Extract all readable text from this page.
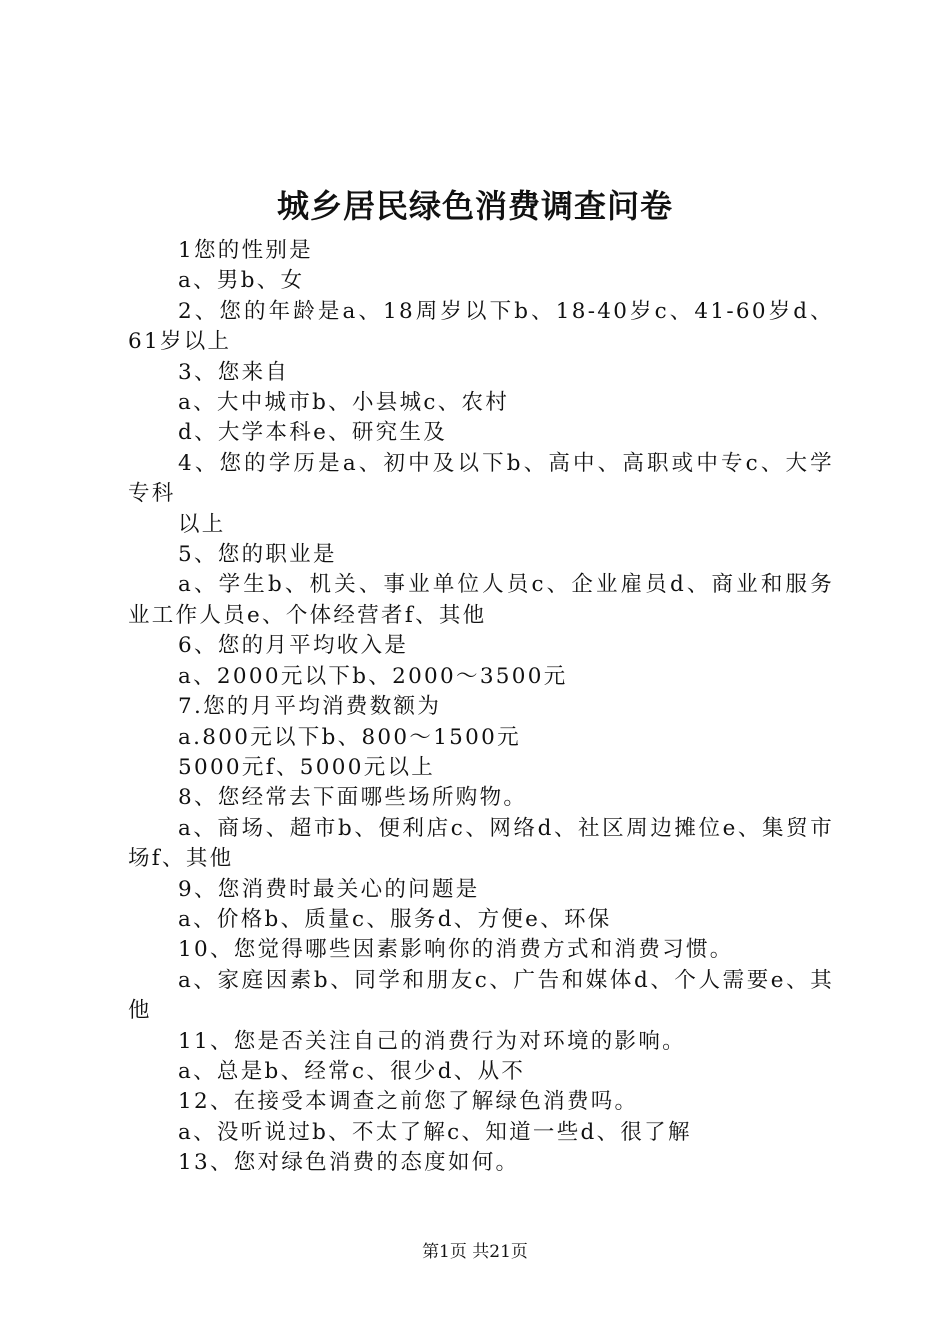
城乡居民绿色消费调查问卷

1您的性别是

a、男b、女

2、您的年龄是a、18周岁以下b、18-40岁c、41-60岁d、61岁以上

3、您来自

a、大中城市b、小县城c、农村

d、大学本科e、研究生及

4、您的学历是a、初中及以下b、高中、高职或中专c、大学专科

以上

5、您的职业是

a、学生b、机关、事业单位人员c、企业雇员d、商业和服务业工作人员e、个体经营者f、其他

6、您的月平均收入是

a、2000元以下b、2000～3500元

7.您的月平均消费数额为

a.800元以下b、800～1500元

5000元f、5000元以上

8、您经常去下面哪些场所购物。

a、商场、超市b、便利店c、网络d、社区周边摊位e、集贸市场f、其他

9、您消费时最关心的问题是

a、价格b、质量c、服务d、方便e、环保

10、您觉得哪些因素影响你的消费方式和消费习惯。

a、家庭因素b、同学和朋友c、广告和媒体d、个人需要e、其他

11、您是否关注自己的消费行为对环境的影响。

a、总是b、经常c、很少d、从不

12、在接受本调查之前您了解绿色消费吗。

a、没听说过b、不太了解c、知道一些d、很了解

13、您对绿色消费的态度如何。

第1页 共21页
